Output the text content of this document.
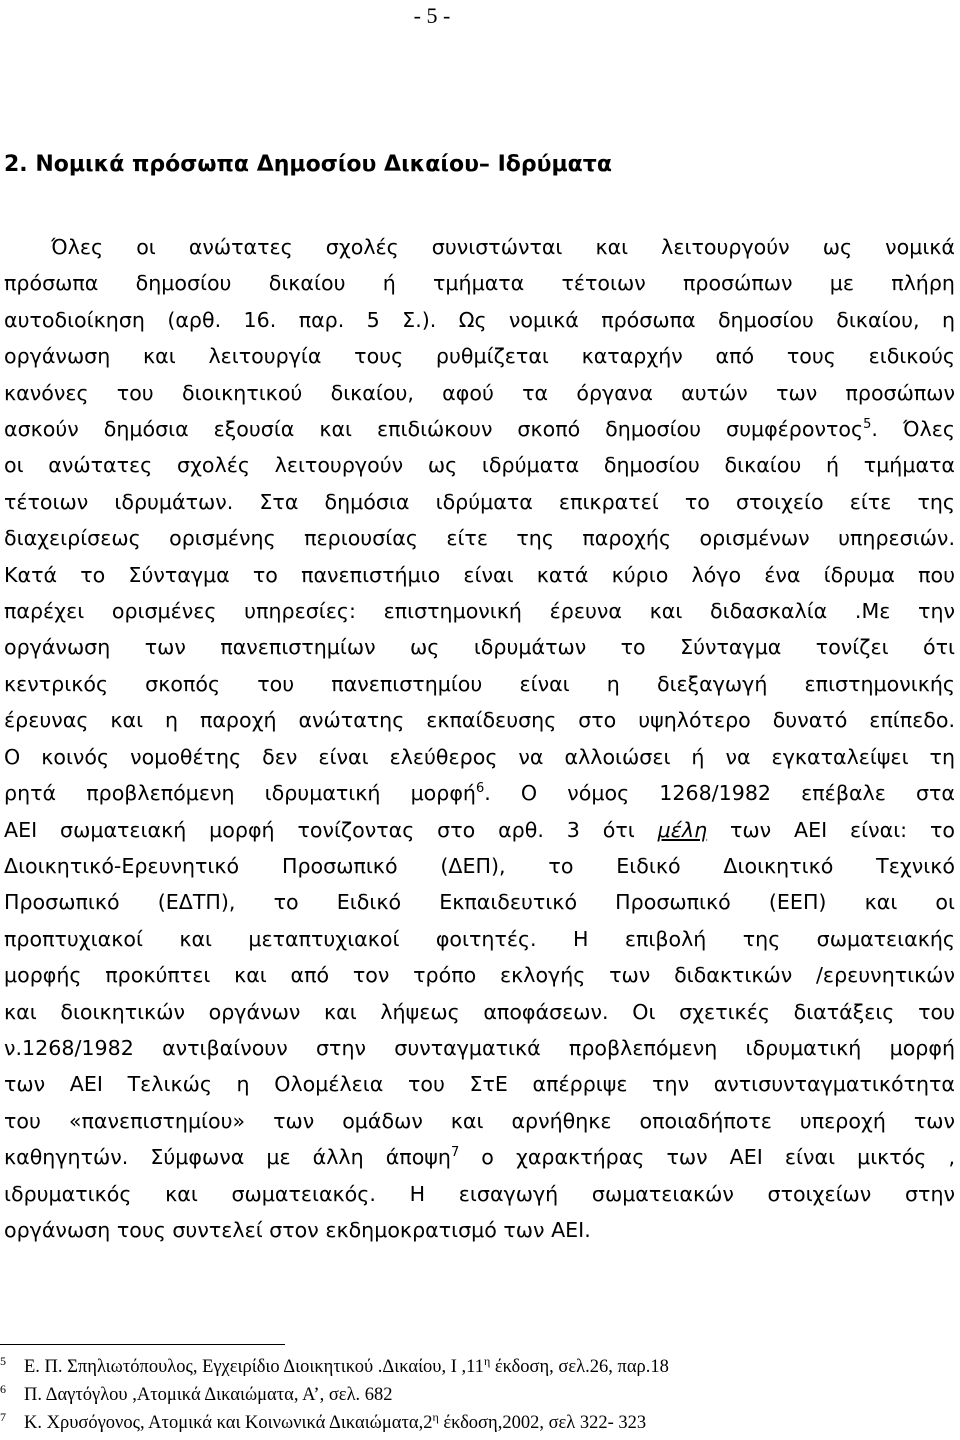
- 5 -
2. Νομικά πρόσωπα Δημοσίου Δικαίου– Ιδρύματα
Όλες οι ανώτατες σχολές συνιστώνται και λειτουργούν ως νομικά
πρόσωπα δημοσίου δικαίου ή τμήματα τέτοιων προσώπων με πλήρη
αυτοδιοίκηση (αρθ. 16. παρ. 5 Σ.). Ως νομικά πρόσωπα δημοσίου δικαίου, η
οργάνωση και λειτουργία τους ρυθμίζεται καταρχήν από τους ειδικούς
κανόνες του διοικητικού δικαίου, αφού τα όργανα αυτών των προσώπων
ασκούν δημόσια εξουσία και επιδιώκουν σκοπό δημοσίου συμφέροντος$^5$. Όλες
οι ανώτατες σχολές λειτουργούν ως ιδρύματα δημοσίου δικαίου ή τμήματα
τέτοιων ιδρυμάτων. Στα δημόσια ιδρύματα επικρατεί το στοιχείο είτε της
διαχειρίσεως ορισμένης περιουσίας είτε της παροχής ορισμένων υπηρεσιών.
Κατά το Σύνταγμα το πανεπιστήμιο είναι κατά κύριο λόγο ένα ίδρυμα που
παρέχει ορισμένες υπηρεσίες: επιστημονική έρευνα και διδασκαλία .Με την
οργάνωση των πανεπιστημίων ως ιδρυμάτων το Σύνταγμα τονίζει ότι
κεντρικός σκοπός του πανεπιστημίου είναι η διεξαγωγή επιστημονικής
έρευνας και η παροχή ανώτατης εκπαίδευσης στο υψηλότερο δυνατό επίπεδο.
Ο κοινός νομοθέτης δεν είναι ελεύθερος να αλλοιώσει ή να εγκαταλείψει τη
ρητά προβλεπόμενη ιδρυματική μορφή$^6$. Ο νόμος 1268/1982 επέβαλε στα
ΑΕΙ σωματειακή μορφή τονίζοντας στο αρθ. 3 ότι μέλη των ΑΕΙ είναι: το
Διοικητικό-Ερευνητικό Προσωπικό (ΔΕΠ), το Ειδικό Διοικητικό Τεχνικό
Προσωπικό (ΕΔΤΠ), το Ειδικό Εκπαιδευτικό Προσωπικό (ΕΕΠ) και οι
προπτυχιακοί και μεταπτυχιακοί φοιτητές. Η επιβολή της σωματειακής
μορφής προκύπτει και από τον τρόπο εκλογής των διδακτικών /ερευνητικών
και διοικητικών οργάνων και λήψεως αποφάσεων. Οι σχετικές διατάξεις του
ν.1268/1982 αντιβαίνουν στην συνταγματικά προβλεπόμενη ιδρυματική μορφή
των ΑΕΙ Τελικώς η Ολομέλεια του ΣτΕ απέρριψε την αντισυνταγματικότητα
του «πανεπιστημίου» των ομάδων και αρνήθηκε οποιαδήποτε υπεροχή των
καθηγητών. Σύμφωνα με άλλη άποψη$^7$ ο χαρακτήρας των ΑΕΙ είναι μικτός ,
ιδρυματικός και σωματειακός. Η εισαγωγή σωματειακών στοιχείων στην
οργάνωση τους συντελεί στον εκδημοκρατισμό των ΑΕΙ.
$^5$ Ε. Π. Σπηλιωτόπουλος, Εγχειρίδιο Διοικητικού .Δικαίου, Ι $,11^\eta$ έκδοση, σελ.26, παρ.18
$^6$ Π. Δαγτόγλου ,Ατομικά Δικαιώματα, Α’, σελ. 682
$^7$ Κ. Χρυσόγονος, Ατομικά και Κοινωνικά $\Delta\iota\kappa\alpha\iota ώ\mu\alpha\tau\alpha,2^\eta$ έκδοση,2002, σελ 322- 323
